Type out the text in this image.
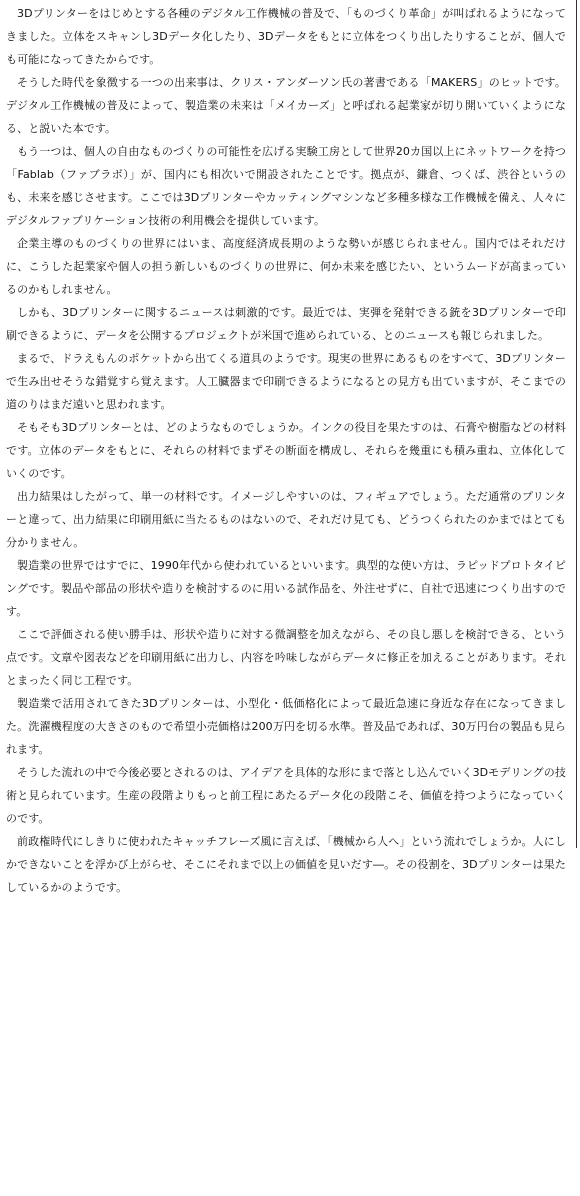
3Dプリンターをはじめとする各種のデジタル工作機械の普及で、「ものづくり革命」が叫ばれるようになってきました。立体をスキャンし3Dデータ化したり、3Dデータをもとに立体をつくり出したりすることが、個人でも可能になってきたからです。

そうした時代を象徴する一つの出来事は、クリス・アンダーソン氏の著書である「MAKERS」のヒットです。デジタル工作機械の普及によって、製造業の未来は「メイカーズ」と呼ばれる起業家が切り開いていくようになる、と説いた本です。

もう一つは、個人の自由なものづくりの可能性を広げる実験工房として世界20カ国以上にネットワークを持つ「Fablab（ファブラボ）」が、国内にも相次いで開設されたことです。拠点が、鎌倉、つくば、渋谷というのも、未来を感じさせます。ここでは3Dプリンターやカッティングマシンなど多種多様な工作機械を備え、人々にデジタルファブリケーション技術の利用機会を提供しています。

企業主導のものづくりの世界にはいま、高度経済成長期のような勢いが感じられません。国内ではそれだけに、こうした起業家や個人の担う新しいものづくりの世界に、何か未来を感じたい、というムードが高まっているのかもしれません。

しかも、3Dプリンターに関するニュースは刺激的です。最近では、実弾を発射できる銃を3Dプリンターで印刷できるように、データを公開するプロジェクトが米国で進められている、とのニュースも報じられました。

まるで、ドラえもんのポケットから出てくる道具のようです。現実の世界にあるものをすべて、3Dプリンターで生み出せそうな錯覚すら覚えます。人工臓器まで印刷できるようになるとの見方も出ていますが、そこまでの道のりはまだ遠いと思われます。

そもそも3Dプリンターとは、どのようなものでしょうか。インクの役目を果たすのは、石膏や樹脂などの材料です。立体のデータをもとに、それらの材料でまずその断面を構成し、それらを幾重にも積み重ね、立体化していくのです。

出力結果はしたがって、単一の材料です。イメージしやすいのは、フィギュアでしょう。ただ通常のプリンターと違って、出力結果に印刷用紙に当たるものはないので、それだけ見ても、どうつくられたのかまではとても分かりません。

製造業の世界ではすでに、1990年代から使われているといいます。典型的な使い方は、ラピッドプロトタイピングです。製品や部品の形状や造りを検討するのに用いる試作品を、外注せずに、自社で迅速につくり出すのです。

ここで評価される使い勝手は、形状や造りに対する微調整を加えながら、その良し悪しを検討できる、という点です。文章や図表などを印刷用紙に出力し、内容を吟味しながらデータに修正を加えることがあります。それとまったく同じ工程です。

製造業で活用されてきた3Dプリンターは、小型化・低価格化によって最近急速に身近な存在になってきました。洗濯機程度の大きさのもので希望小売価格は200万円を切る水準。普及品であれば、30万円台の製品も見られます。

そうした流れの中で今後必要とされるのは、アイデアを具体的な形にまで落とし込んでいく3Dモデリングの技術と見られています。生産の段階よりもっと前工程にあたるデータ化の段階こそ、価値を持つようになっていくのです。

前政権時代にしきりに使われたキャッチフレーズ風に言えば、「機械から人へ」という流れでしょうか。人にしかできないことを浮かび上がらせ、そこにそれまで以上の価値を見いだす―。その役割を、3Dプリンターは果たしているかのようです。
